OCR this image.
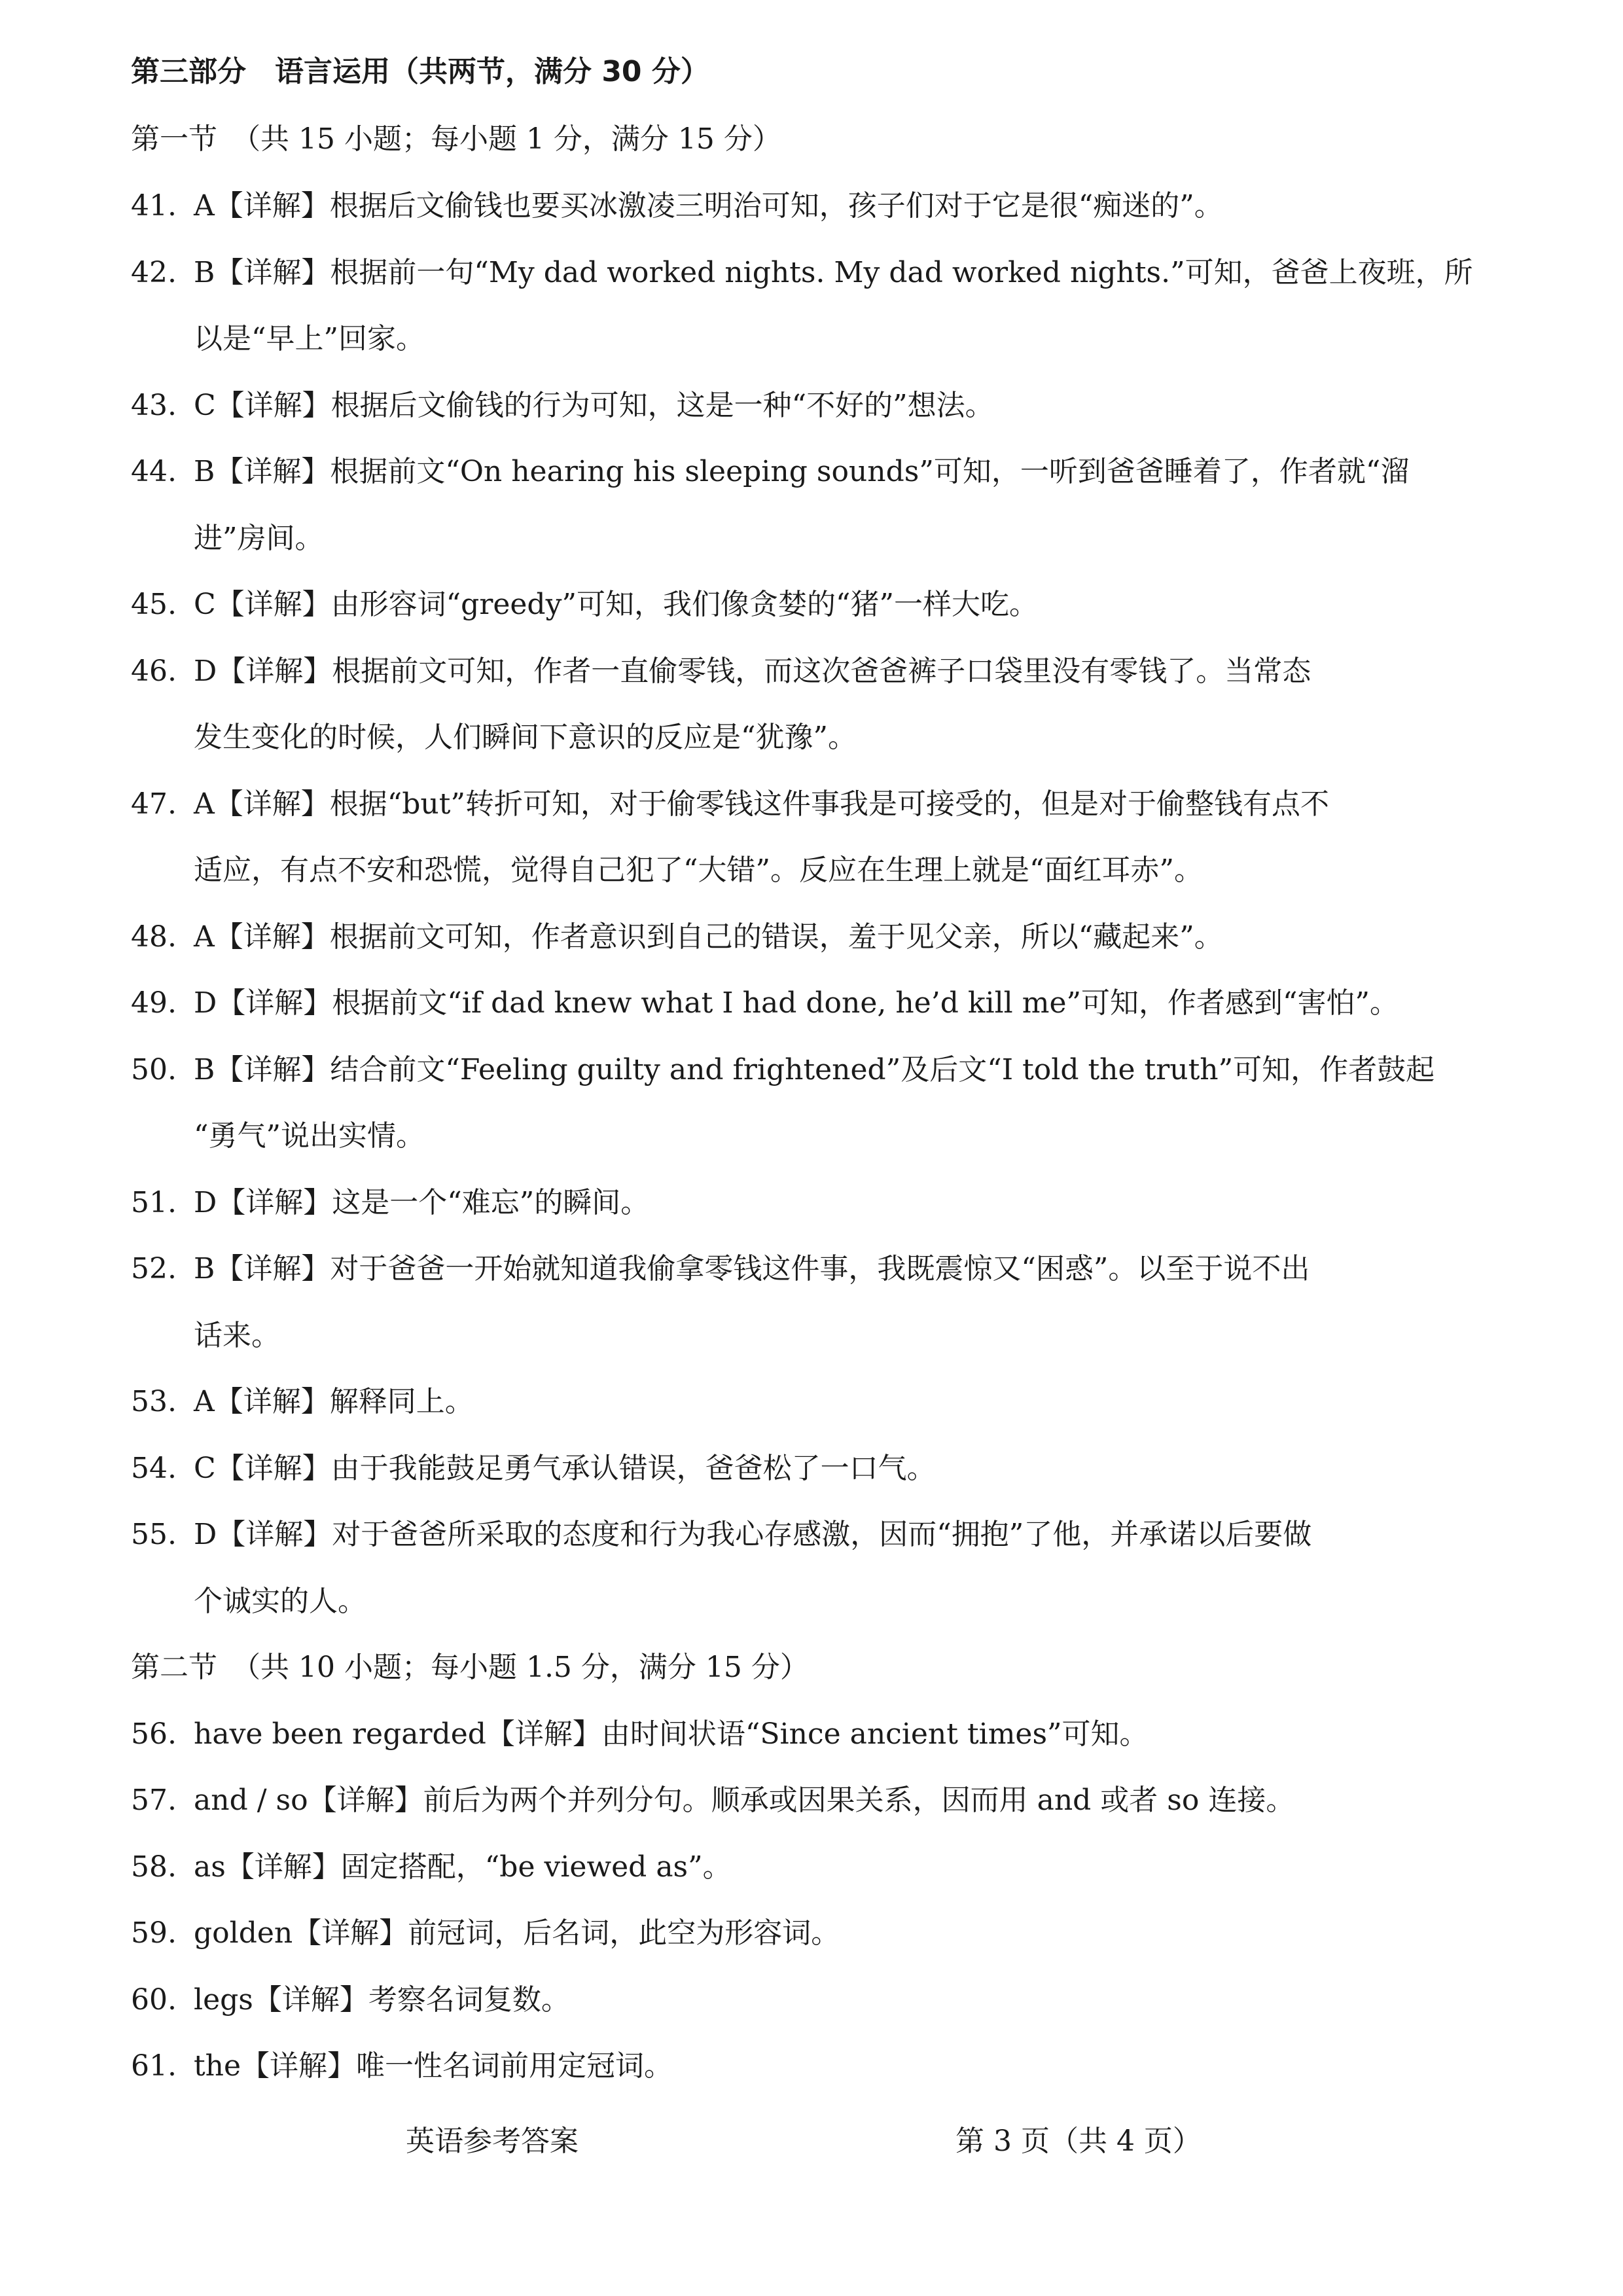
第三部分　语言运用（共两节，满分 30 分）
第一节　（共 15 小题；每小题 1 分，满分 15 分）
41. A【详解】根据后文偷钱也要买冰激凌三明治可知，孩子们对于它是很“痴迷的”。
42. B【详解】根据前一句“My dad worked nights. My dad worked nights.”可知，爸爸上夜班，所
以是“早上”回家。
43. C【详解】根据后文偷钱的行为可知，这是一种“不好的”想法。
44. B【详解】根据前文“On hearing his sleeping sounds”可知，一听到爸爸睡着了，作者就“溜
进”房间。
45. C【详解】由形容词“greedy”可知，我们像贪婪的“猪”一样大吃。
46. D【详解】根据前文可知，作者一直偷零钱，而这次爸爸裤子口袋里没有零钱了。当常态
发生变化的时候，人们瞬间下意识的反应是“犹豫”。
47. A【详解】根据“but”转折可知，对于偷零钱这件事我是可接受的，但是对于偷整钱有点不
适应，有点不安和恐慌，觉得自己犯了“大错”。反应在生理上就是“面红耳赤”。
48. A【详解】根据前文可知，作者意识到自己的错误，羞于见父亲，所以“藏起来”。
49. D【详解】根据前文“if dad knew what I had done, he’d kill me”可知，作者感到“害怕”。
50. B【详解】结合前文“Feeling guilty and frightened”及后文“I told the truth”可知，作者鼓起
“勇气”说出实情。
51. D【详解】这是一个“难忘”的瞬间。
52. B【详解】对于爸爸一开始就知道我偷拿零钱这件事，我既震惊又“困惑”。以至于说不出
话来。
53. A【详解】解释同上。
54. C【详解】由于我能鼓足勇气承认错误，爸爸松了一口气。
55. D【详解】对于爸爸所采取的态度和行为我心存感激，因而“拥抱”了他，并承诺以后要做
个诚实的人。
第二节　（共 10 小题；每小题 1.5 分，满分 15 分）
56. have been regarded【详解】由时间状语“Since ancient times”可知。
57. and / so【详解】前后为两个并列分句。顺承或因果关系，因而用 and 或者 so 连接。
58. as【详解】固定搭配，“be viewed as”。
59. golden【详解】前冠词，后名词，此空为形容词。
60. legs【详解】考察名词复数。
61. the【详解】唯一性名词前用定冠词。
英语参考答案	第 3 页（共 4 页）
